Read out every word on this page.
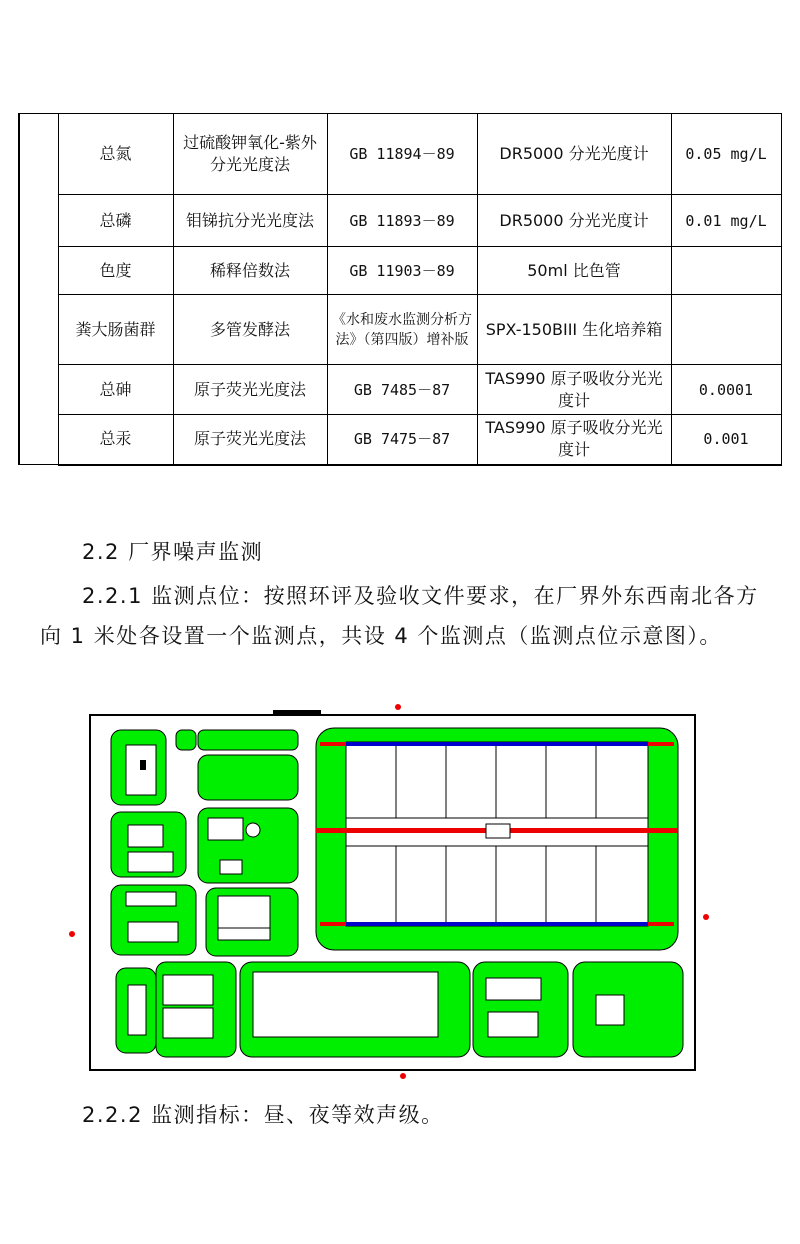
	总氮	过硫酸钾氧化-紫外分光光度法	GB 11894－89	DR5000 分光光度计	0.05 mg/L
	总磷	钼锑抗分光光度法	GB 11893－89	DR5000 分光光度计	0.01 mg/L
	色度	稀释倍数法	GB 11903－89	50ml 比色管	
	粪大肠菌群	多管发酵法	《水和废水监测分析方法》（第四版）增补版	SPX-150BIII 生化培养箱	
	总砷	原子荧光光度法	GB 7485－87	TAS990 原子吸收分光光度计	0.0001
	总汞	原子荧光光度法	GB 7475－87	TAS990 原子吸收分光光度计	0.001
2.2 厂界噪声监测
2.2.1 监测点位：按照环评及验收文件要求，在厂界外东西南北各方向 1 米处各设置一个监测点，共设 4 个监测点（监测点位示意图）。
2.2.2 监测指标：昼、夜等效声级。
